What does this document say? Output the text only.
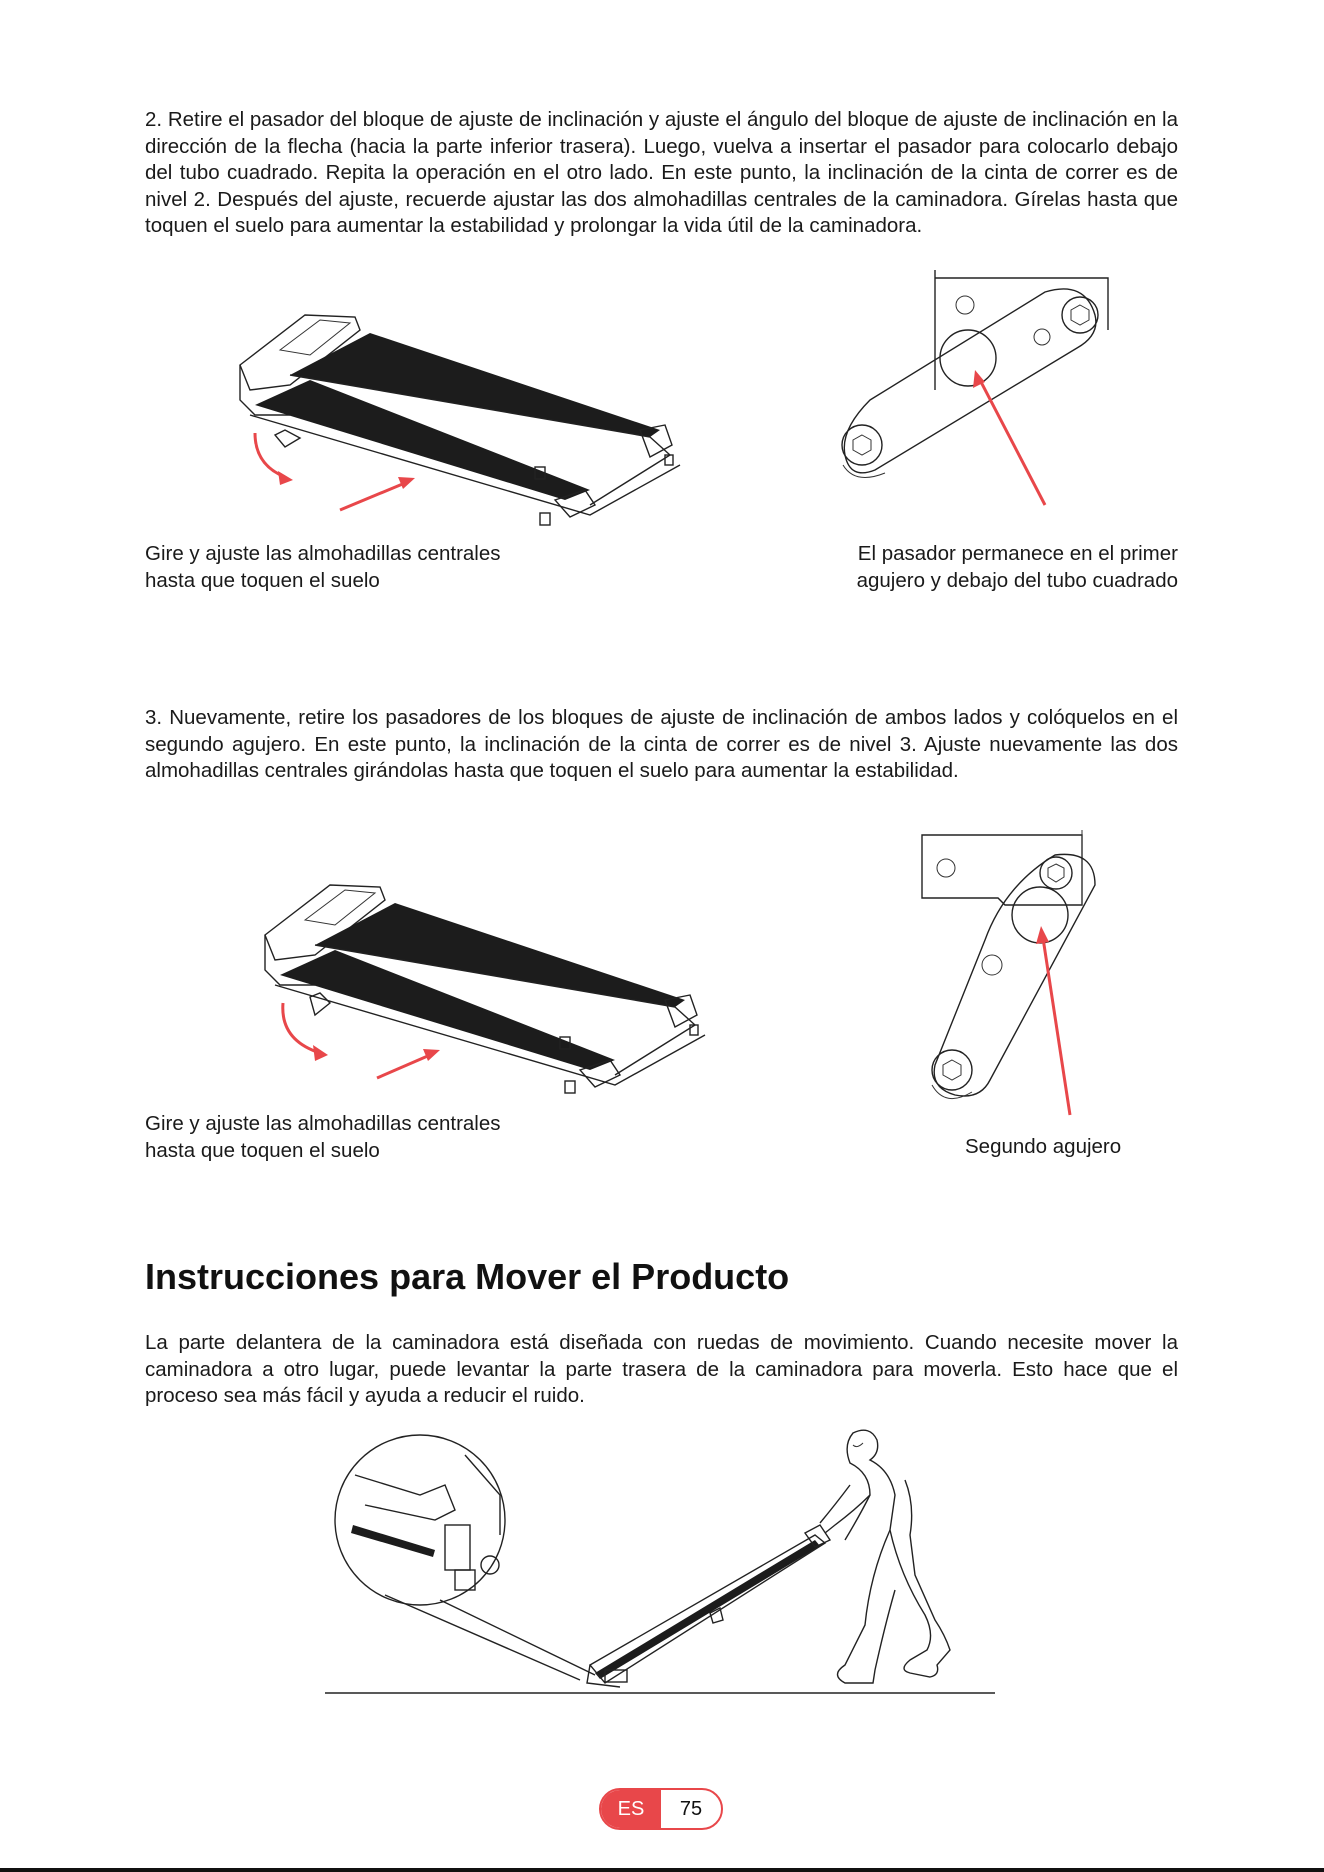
2. Retire el pasador del bloque de ajuste de inclinación y ajuste el ángulo del bloque de ajuste de inclinación en la dirección de la flecha (hacia la parte inferior trasera). Luego, vuelva a insertar el pasador para colocarlo debajo del tubo cuadrado. Repita la operación en el otro lado. En este punto, la inclinación de la cinta de correr es de nivel 2. Después del ajuste, recuerde ajustar las dos almohadillas centrales de la caminadora. Gírelas hasta que toquen el suelo para aumentar la estabilidad y prolongar la vida útil de la caminadora.

Gire y ajuste las almohadillas centrales
hasta que toquen el suelo

El pasador permanece en el primer
agujero y debajo del tubo cuadrado

3. Nuevamente, retire los pasadores de los bloques de ajuste de inclinación de ambos lados y colóquelos en el segundo agujero. En este punto, la inclinación de la cinta de correr es de nivel 3. Ajuste nuevamente las dos almohadillas centrales girándolas hasta que toquen el suelo para aumentar la estabilidad.

Gire y ajuste las almohadillas centrales
hasta que toquen el suelo	Segundo agujero

Instrucciones para Mover el Producto

La parte delantera de la caminadora está diseñada con ruedas de movimiento. Cuando necesite mover la caminadora a otro lugar, puede levantar la parte trasera de la caminadora para moverla. Esto hace que el proceso sea más fácil y ayuda a reducir el ruido.

ES	75
